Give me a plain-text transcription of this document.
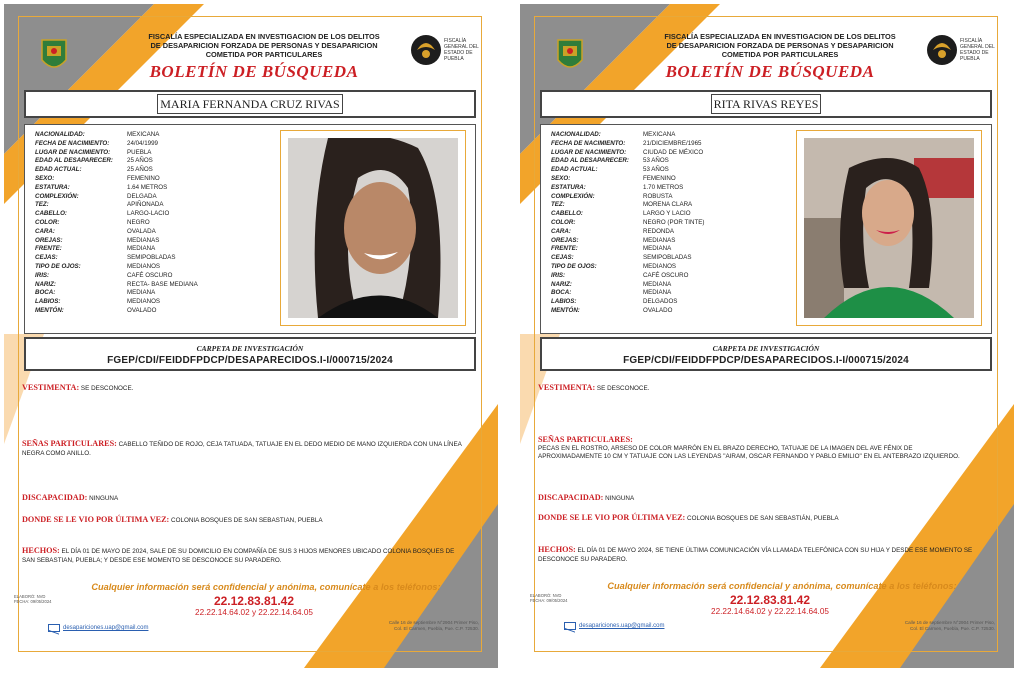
FISCALÍA ESPECIALIZADA EN INVESTIGACION DE LOS DELITOS
DE DESAPARICION FORZADA DE PERSONAS Y DESAPARICION
COMETIDA POR PARTICULARES
FISCALÍA GENERAL DEL ESTADO DE PUEBLA
BOLETÍN DE BÚSQUEDA
MARIA FERNANDA CRUZ RIVAS
NACIONALIDAD:	MEXICANA
FECHA DE NACIMIENTO:	24/04/1999
LUGAR DE NACIMIENTO:	PUEBLA
EDAD AL DESAPARECER:	25 AÑOS
EDAD ACTUAL:	25 AÑOS
SEXO:	FEMENINO
ESTATURA:	1.64 METROS
COMPLEXIÓN:	DELGADA
TEZ:	APIÑONADA
CABELLO:	LARGO-LACIO
COLOR:	NEGRO
CARA:	OVALADA
OREJAS:	MEDIANAS
FRENTE:	MEDIANA
CEJAS:	SEMIPOBLADAS
TIPO DE OJOS:	MEDIANOS
IRIS:	CAFÉ OSCURO
NARIZ:	RECTA- BASE MEDIANA
BOCA:	MEDIANA
LABIOS:	MEDIANOS
MENTÓN:	OVALADO
CARPETA DE INVESTIGACIÓN
FGEP/CDI/FEIDDFPDCP/DESAPARECIDOS.I-I/000715/2024
VESTIMENTA: SE DESCONOCE.
SEÑAS PARTICULARES: CABELLO TEÑIDO DE ROJO, CEJA TATUADA, TATUAJE EN EL DEDO MEDIO DE MANO IZQUIERDA CON UNA LÍNEA NEGRA COMO ANILLO.
DISCAPACIDAD: NINGUNA
DONDE SE LE VIO POR ÚLTIMA VEZ: COLONIA BOSQUES DE SAN SEBASTIAN, PUEBLA
HECHOS: EL DÍA 01 DE MAYO DE 2024, SALE DE SU DOMICILIO EN COMPAÑÍA DE SUS 3 HIJOS MENORES UBICADO COLONIA BOSQUES DE SAN SEBASTIAN, PUEBLA; Y DESDE ESE MOMENTO SE DESCONOCE SU PARADERO.
Cualquier información será confidencial y anónima, comunícate a los teléfonos:
22.12.83.81.42
22.22.14.64.02 y 22.22.14.64.05
ELABORÓ: NVD
FECHA: 09/05/2024
desapariciones.uap@gmail.com
Calle 16 de septiembre N°2904 Primer Piso,
Col. El Carmen, Puebla, Pue. C.P. 72530.
FISCALÍA ESPECIALIZADA EN INVESTIGACION DE LOS DELITOS
DE DESAPARICION FORZADA DE PERSONAS Y DESAPARICION
COMETIDA POR PARTICULARES
FISCALÍA GENERAL DEL ESTADO DE PUEBLA
BOLETÍN DE BÚSQUEDA
RITA RIVAS REYES
NACIONALIDAD:	MEXICANA
FECHA DE NACIMIENTO:	21/DICIEMBRE/1965
LUGAR DE NACIMIENTO:	CIUDAD DE MÉXICO
EDAD AL DESAPARECER:	53 AÑOS
EDAD ACTUAL:	53 AÑOS
SEXO:	FEMENINO
ESTATURA:	1.70 METROS
COMPLEXIÓN:	ROBUSTA
TEZ:	MORENA CLARA
CABELLO:	LARGO Y LACIO
COLOR:	NEGRO (POR TINTE)
CARA:	REDONDA
OREJAS:	MEDIANAS
FRENTE:	MEDIANA
CEJAS:	SEMIPOBLADAS
TIPO DE OJOS:	MEDIANOS
IRIS:	CAFÉ OSCURO
NARIZ:	MEDIANA
BOCA:	MEDIANA
LABIOS:	DELGADOS
MENTÓN:	OVALADO
CARPETA DE INVESTIGACIÓN
FGEP/CDI/FEIDDFPDCP/DESAPARECIDOS.I-I/000715/2024
VESTIMENTA: SE DESCONOCE.
SEÑAS PARTICULARES:
PECAS EN EL ROSTRO, ARSESO DE COLOR MARRÓN EN EL BRAZO DERECHO, TATUAJE DE LA IMAGEN DEL AVE FÉNIX DE APROXIMADAMENTE 10 CM Y TATUAJE CON LAS LEYENDAS "AIRAM, OSCAR FERNANDO Y PABLO EMILIO" EN EL ANTEBRAZO IZQUIERDO.
DISCAPACIDAD: NINGUNA
DONDE SE LE VIO POR ÚLTIMA VEZ: COLONIA BOSQUES DE SAN SEBASTIÁN, PUEBLA
HECHOS: EL DÍA 01 DE MAYO 2024, SE TIENE ÚLTIMA COMUNICACIÓN VÍA LLAMADA TELEFÓNICA CON SU HIJA Y DESDE ESE MOMENTO SE DESCONOCE SU PARADERO.
Cualquier información será confidencial y anónima, comunícate a los teléfonos:
22.12.83.81.42
22.22.14.64.02 y 22.22.14.64.05
ELABORÓ: NVD
FECHA: 09/05/2024
desapariciones.uap@gmail.com
Calle 16 de septiembre N°2904 Primer Piso,
Col. El Carmen, Puebla, Pue. C.P. 72530.
